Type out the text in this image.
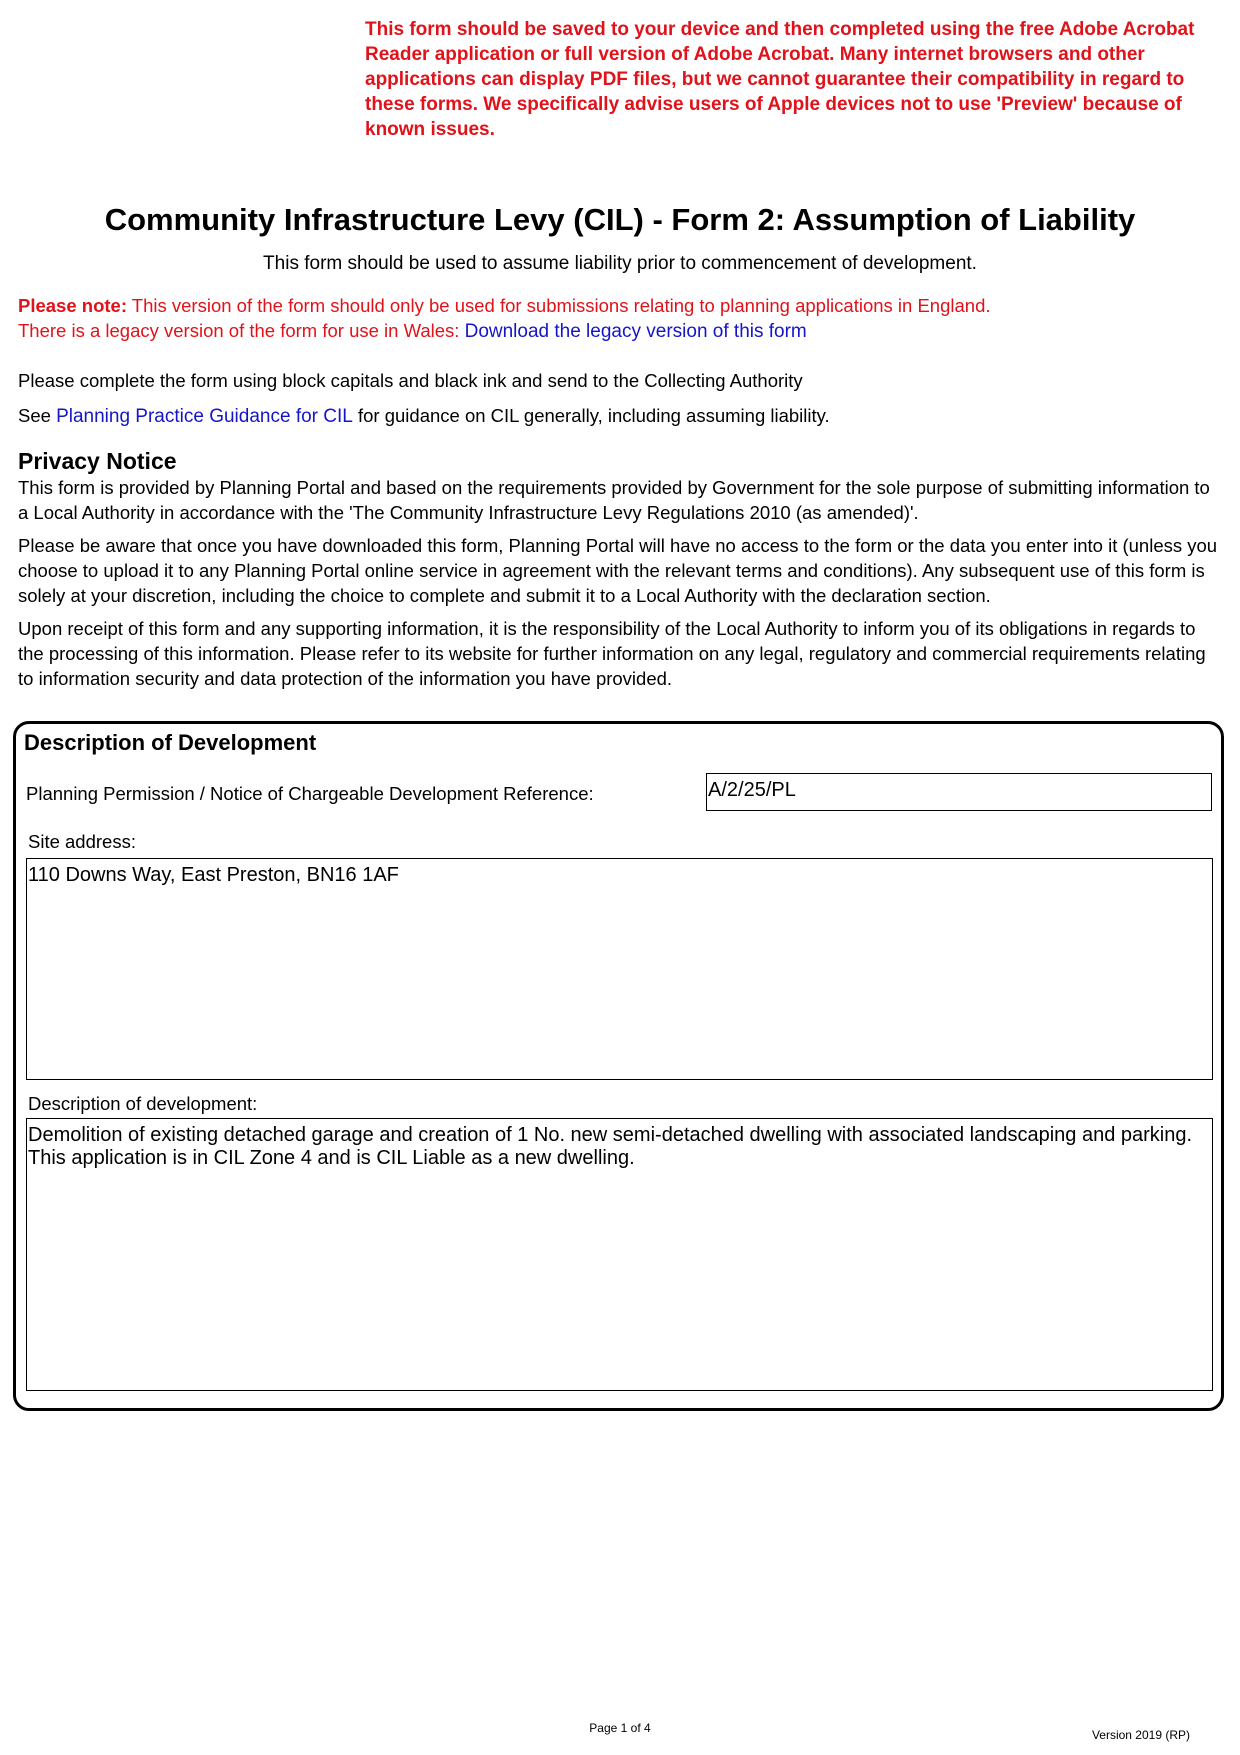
This form should be saved to your device and then completed using the free Adobe Acrobat Reader application or full version of Adobe Acrobat. Many internet browsers and other applications can display PDF files, but we cannot guarantee their compatibility in regard to these forms. We specifically advise users of Apple devices not to use 'Preview' because of known issues.
Community Infrastructure Levy (CIL) - Form 2: Assumption of Liability
This form should be used to assume liability prior to commencement of development.
Please note: This version of the form should only be used for submissions relating to planning applications in England.
There is a legacy version of the form for use in Wales: Download the legacy version of this form
Please complete the form using block capitals and black ink and send to the Collecting Authority
See Planning Practice Guidance for CIL for guidance on CIL generally, including assuming liability.
Privacy Notice
This form is provided by Planning Portal and based on the requirements provided by Government for the sole purpose of submitting information to a Local Authority in accordance with the 'The Community Infrastructure Levy Regulations 2010 (as amended)'.
Please be aware that once you have downloaded this form, Planning Portal will have no access to the form or the data you enter into it (unless you choose to upload it to any Planning Portal online service in agreement with the relevant terms and conditions). Any subsequent use of this form is solely at your discretion, including the choice to complete and submit it to a Local Authority with the declaration section.
Upon receipt of this form and any supporting information, it is the responsibility of the Local Authority to inform you of its obligations in regards to the processing of this information. Please refer to its website for further information on any legal, regulatory and commercial requirements relating to information security and data protection of the information you have provided.
Description of Development
Planning Permission / Notice of Chargeable Development Reference:	A/2/25/PL
Site address:
110 Downs Way, East Preston, BN16 1AF
Description of development:
Demolition of existing detached garage and creation of 1 No. new semi-detached dwelling with associated landscaping and parking. This application is in CIL Zone 4 and is CIL Liable as a new dwelling.
Page 1 of 4	Version 2019 (RP)
